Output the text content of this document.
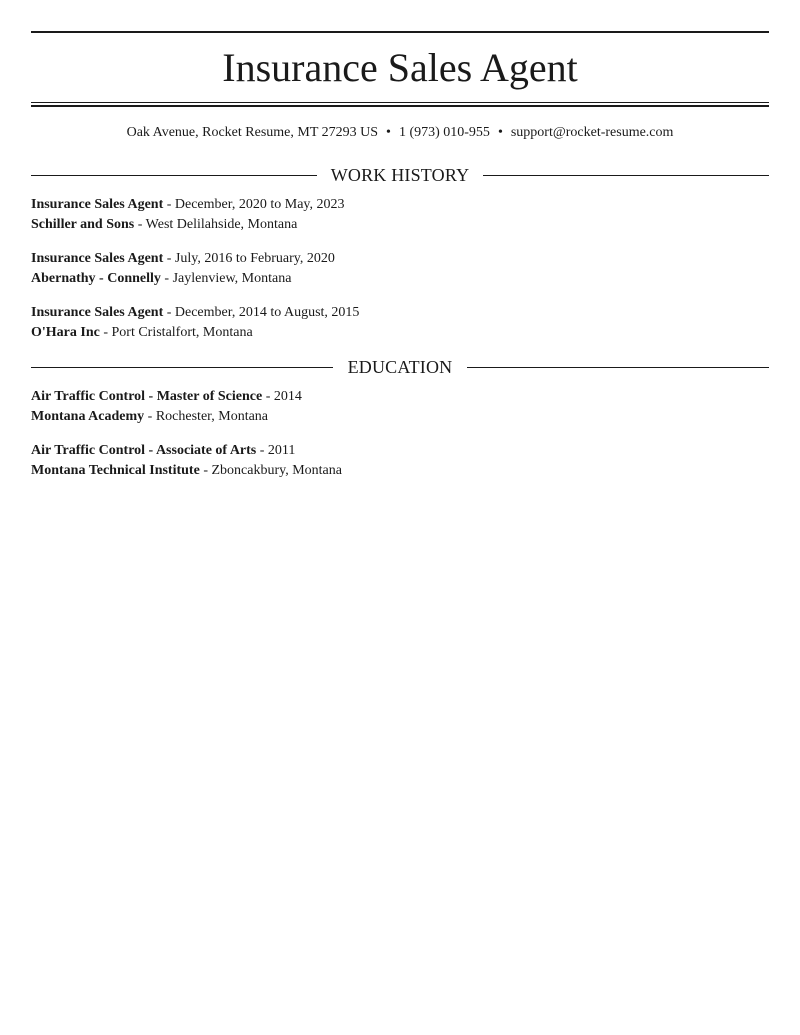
Insurance Sales Agent
Oak Avenue, Rocket Resume, MT 27293 US • 1 (973) 010-955 • support@rocket-resume.com
WORK HISTORY
Insurance Sales Agent - December, 2020 to May, 2023
Schiller and Sons - West Delilahside, Montana
Insurance Sales Agent - July, 2016 to February, 2020
Abernathy - Connelly - Jaylenview, Montana
Insurance Sales Agent - December, 2014 to August, 2015
O'Hara Inc - Port Cristalfort, Montana
EDUCATION
Air Traffic Control - Master of Science - 2014
Montana Academy - Rochester, Montana
Air Traffic Control - Associate of Arts - 2011
Montana Technical Institute - Zboncakbury, Montana
